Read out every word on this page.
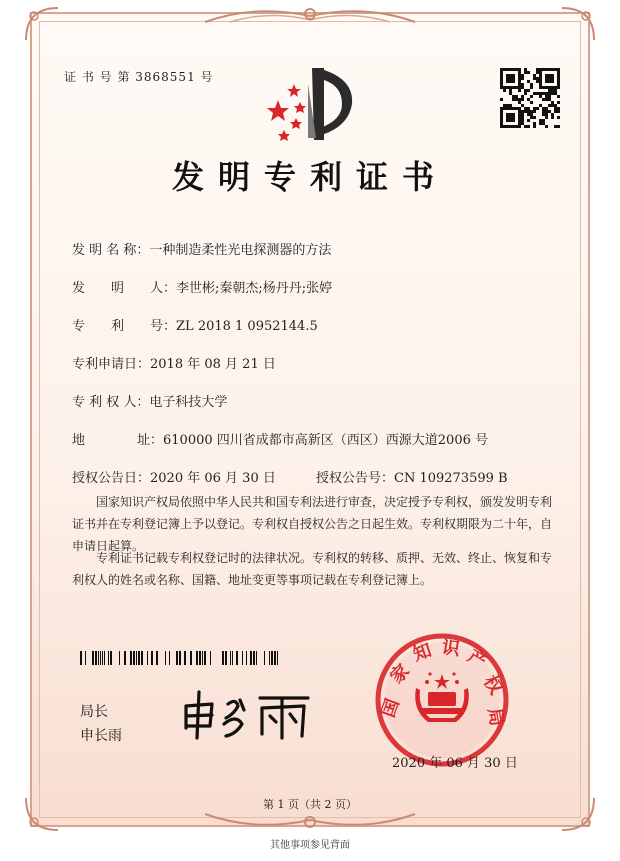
证 书 号 第 3868551 号
发明专利证书
发 明 名 称：一种制造柔性光电探测器的方法
发　　明　　人：李世彬;秦朝杰;杨丹丹;张婷
专　　利　　号：ZL 2018 1 0952144.5
专利申请日：2018 年 08 月 21 日
专 利 权 人：电子科技大学
地　　　　址：610000 四川省成都市高新区（西区）西源大道2006 号
授权公告日：2020 年 06 月 30 日	授权公告号：CN 109273599 B
国家知识产权局依照中华人民共和国专利法进行审查，决定授予专利权，颁发发明专利证书并在专利登记簿上予以登记。专利权自授权公告之日起生效。专利权期限为二十年，自申请日起算。
专利证书记载专利权登记时的法律状况。专利权的转移、质押、无效、终止、恢复和专利权人的姓名或名称、国籍、地址变更等事项记载在专利登记簿上。
局长
申长雨
国
家
知 识 产
权
局
2020 年 06 月 30 日
第 1 页（共 2 页）
其他事项参见背面
